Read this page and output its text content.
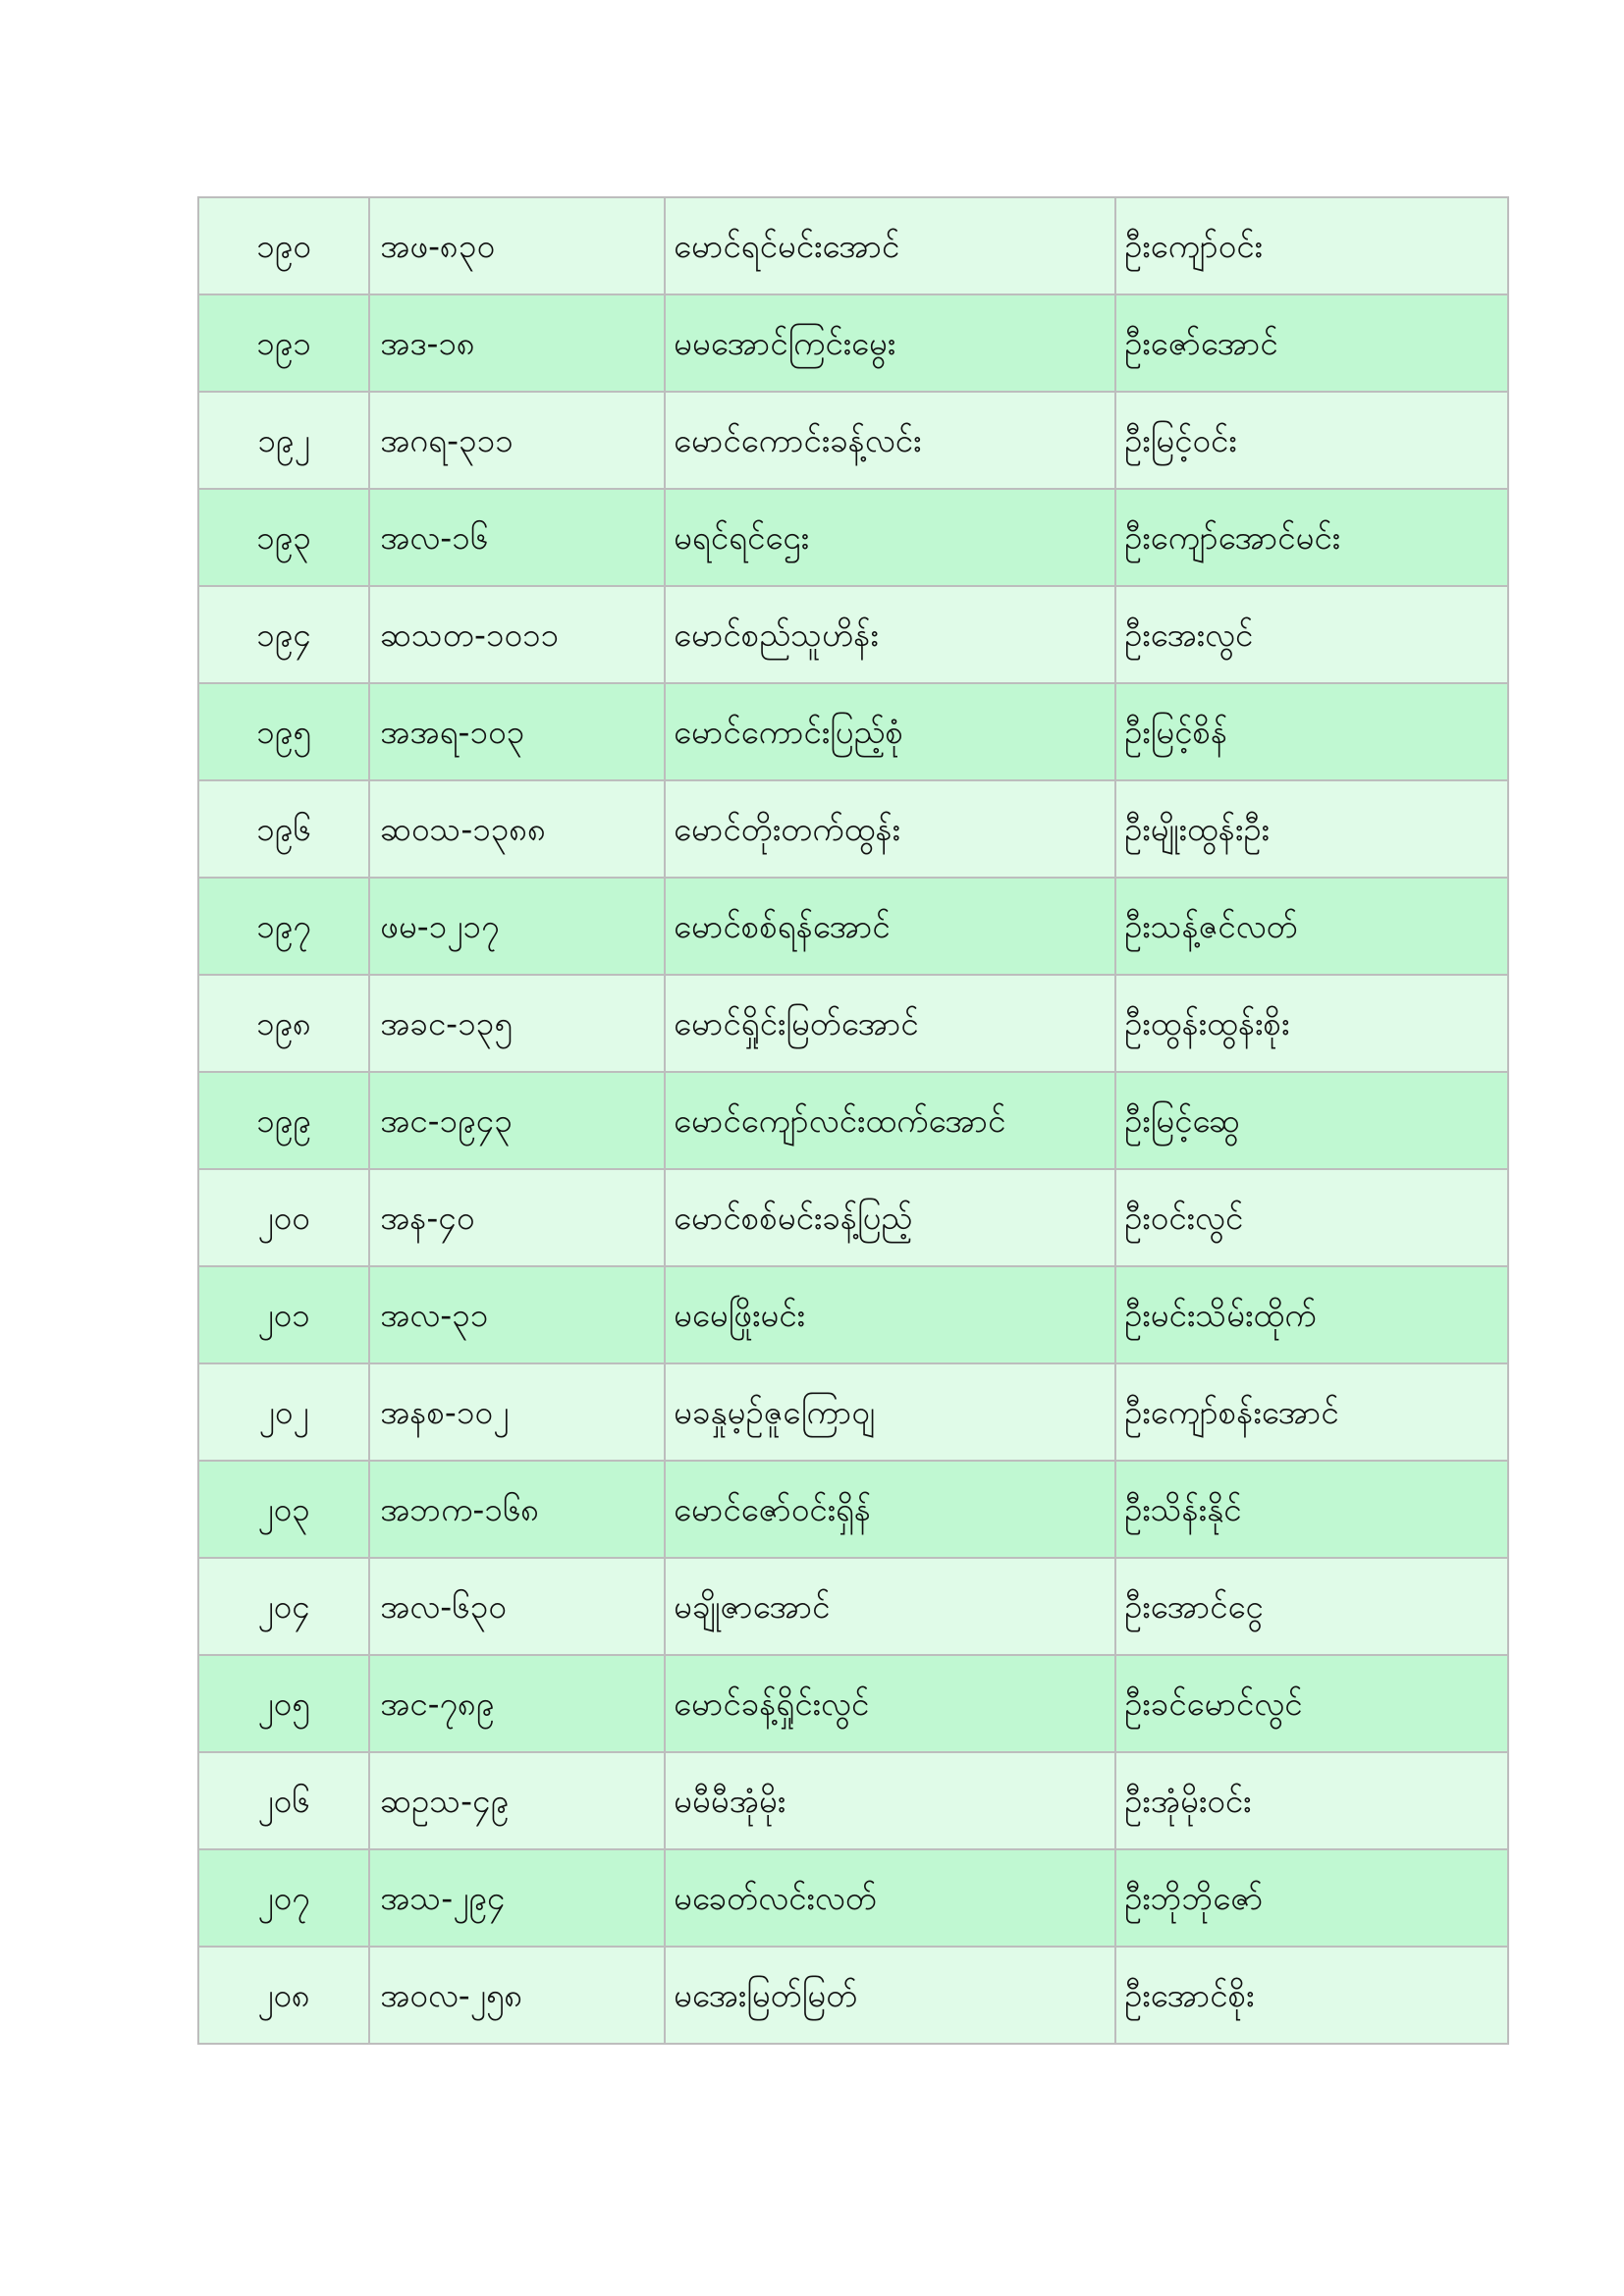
၁၉၀	အဖ-၈၃၀	မောင်ရင်မင်းအောင်	ဦးကျော်ဝင်း
၁၉၁	အဒ-၁၈	မမအောင်ကြင်းမွေး	ဦးဇော်အောင်
၁၉၂	အဂရ-၃၁၁	မောင်ကောင်းခန့်လင်း	ဦးမြင့်ဝင်း
၁၉၃	အလ-၁၆	မရင်ရင်ဌေး	ဦးကျော်အောင်မင်း
၁၉၄	ဆသတ-၁၀၁၁	မောင်စည်သူဟိန်း	ဦးအေးလွင်
၁၉၅	အအရ-၁၀၃	မောင်ကောင်းပြည့်စုံ	ဦးမြင့်စိန်
၁၉၆	ဆဝသ-၁၃၈၈	မောင်တိုးတက်ထွန်း	ဦးမျိုးထွန်းဦး
၁၉၇	ဖမ-၁၂၁၇	မောင်စစ်ရန်အောင်	ဦးသန့်ဇင်လတ်
၁၉၈	အခင-၁၃၅	မောင်ရှိုင်းမြတ်အောင်	ဦးထွန်းထွန်းစိုး
၁၉၉	အင-၁၉၄၃	မောင်ကျော်လင်းထက်အောင်	ဦးမြင့်ဆွေ
၂၀၀	အန-၄၀	မောင်စစ်မင်းခန့်ပြည့်	ဦးဝင်းလွင်
၂၀၁	အလ-၃၁	မမေဖြိုးမင်း	ဦးမင်းသိမ်းထိုက်
၂၀၂	အနစ-၁၀၂	မခနှုမ့ဉ်ဇူကြော၀ျ	ဦးကျော်စန်းအောင်
၂၀၃	အဘက-၁၆၈	မောင်ဇော်ဝင်းရှိန်	ဦးသိန်းနိုင်
၂၀၄	အလ-၆၃၀	မချိုဇာအောင်	ဦးအောင်ငွေ
၂၀၅	အင-၇၈၉	မောင်ခန့်ရှိုင်းလွင်	ဦးခင်မောင်လွင်
၂၀၆	ဆဥသ-၄၉	မမီမီအုံမိုး	ဦးအုံမိုးဝင်း
၂၀၇	အသ-၂၉၄	မခေတ်လင်းလတ်	ဦးဘိုဘိုဇော်
၂၀၈	အဝလ-၂၅၈	မအေးမြတ်မြတ်	ဦးအောင်စိုး
